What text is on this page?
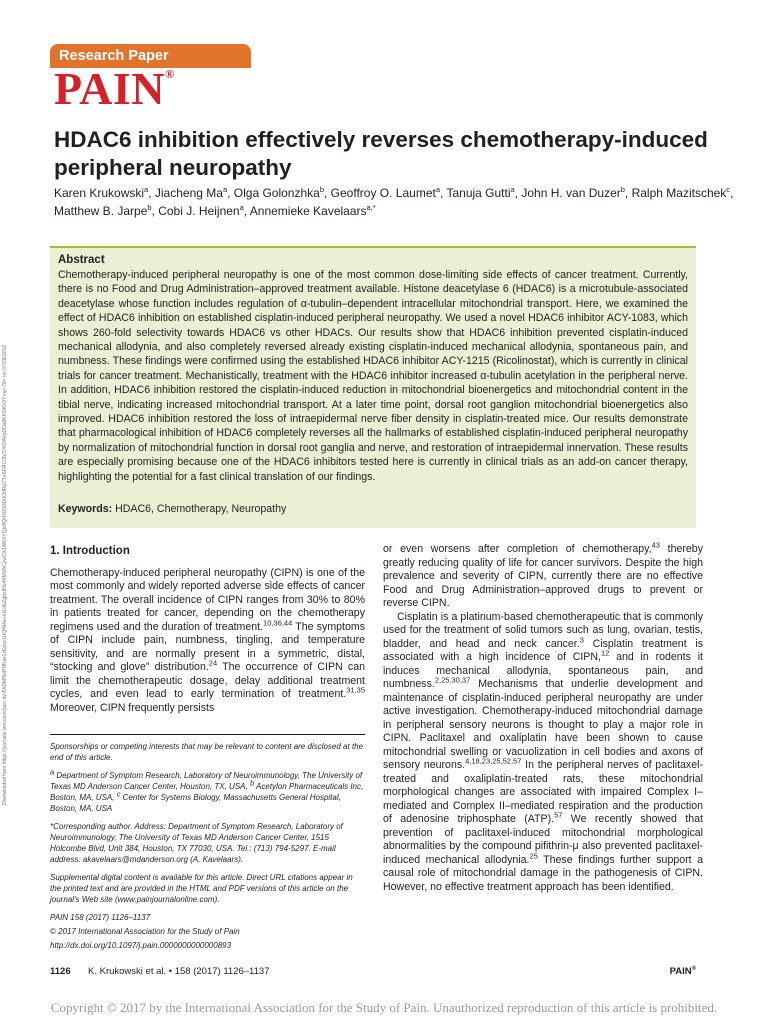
Research Paper
PAIN®
HDAC6 inhibition effectively reverses chemotherapy-induced peripheral neuropathy
Karen Krukowski$^a$, Jiacheng Ma$^a$, Olga Golonzhka$^b$, Geoffroy O. Laumet$^a$, Tanuja Gutti$^a$, John H. van Duzer$^b$, Ralph Mazitschek$^c$, Matthew B. Jarpe$^b$, Cobi J. Heijnen$^a$, Annemieke Kavelaars$^{a,*}$
Downloaded from https://journals.lww.com/pain by BhDMf5ePHKav1zEoum1tQfN4a+kJLhEZgbsIHo4XMi0hCywCX1AWnYQp/IlQrHD3i3D0OdRyi7TvSFl4Cf3VC4/OAVpDDa8KKGKV0Ymy+78= on 07/28/2018
Abstract
Chemotherapy-induced peripheral neuropathy is one of the most common dose-limiting side effects of cancer treatment. Currently, there is no Food and Drug Administration–approved treatment available. Histone deacetylase 6 (HDAC6) is a microtubule-associated deacetylase whose function includes regulation of α-tubulin–dependent intracellular mitochondrial transport. Here, we examined the effect of HDAC6 inhibition on established cisplatin-induced peripheral neuropathy. We used a novel HDAC6 inhibitor ACY-1083, which shows 260-fold selectivity towards HDAC6 vs other HDACs. Our results show that HDAC6 inhibition prevented cisplatin-induced mechanical allodynia, and also completely reversed already existing cisplatin-induced mechanical allodynia, spontaneous pain, and numbness. These findings were confirmed using the established HDAC6 inhibitor ACY-1215 (Ricolinostat), which is currently in clinical trials for cancer treatment. Mechanistically, treatment with the HDAC6 inhibitor increased α-tubulin acetylation in the peripheral nerve. In addition, HDAC6 inhibition restored the cisplatin-induced reduction in mitochondrial bioenergetics and mitochondrial content in the tibial nerve, indicating increased mitochondrial transport. At a later time point, dorsal root ganglion mitochondrial bioenergetics also improved. HDAC6 inhibition restored the loss of intraepidermal nerve fiber density in cisplatin-treated mice. Our results demonstrate that pharmacological inhibition of HDAC6 completely reverses all the hallmarks of established cisplatin-induced peripheral neuropathy by normalization of mitochondrial function in dorsal root ganglia and nerve, and restoration of intraepidermal innervation. These results are especially promising because one of the HDAC6 inhibitors tested here is currently in clinical trials as an add-on cancer therapy, highlighting the potential for a fast clinical translation of our findings.
Keywords: HDAC6, Chemotherapy, Neuropathy
1. Introduction

Chemotherapy-induced peripheral neuropathy (CIPN) is one of the most commonly and widely reported adverse side effects of cancer treatment. The overall incidence of CIPN ranges from 30% to 80% in patients treated for cancer, depending on the chemotherapy regimens used and the duration of treatment.$^{10,36,44}$ The symptoms of CIPN include pain, numbness, tingling, and temperature sensitivity, and are normally present in a symmetric, distal, “stocking and glove” distribution.$^{24}$ The occurrence of CIPN can limit the chemotherapeutic dosage, delay additional treatment cycles, and even lead to early termination of treatment.$^{31,35}$ Moreover, CIPN frequently persists

or even worsens after completion of chemotherapy,$^{43}$ thereby greatly reducing quality of life for cancer survivors. Despite the high prevalence and severity of CIPN, currently there are no effective Food and Drug Administration–approved drugs to prevent or reverse CIPN.

Cisplatin is a platinum-based chemotherapeutic that is commonly used for the treatment of solid tumors such as lung, ovarian, testis, bladder, and head and neck cancer.$^3$ Cisplatin treatment is associated with a high incidence of CIPN,$^{12}$ and in rodents it induces mechanical allodynia, spontaneous pain, and numbness.$^{2,25,30,37}$ Mechanisms that underlie development and maintenance of cisplatin-induced peripheral neuropathy are under active investigation. Chemotherapy-induced mitochondrial damage in peripheral sensory neurons is thought to play a major role in CIPN. Paclitaxel and oxaliplatin have been shown to cause mitochondrial swelling or vacuolization in cell bodies and axons of sensory neurons.$^{4,18,23,25,52,57}$ In the peripheral nerves of paclitaxel-treated and oxaliplatin-treated rats, these mitochondrial morphological changes are associated with impaired Complex I–mediated and Complex II–mediated respiration and the production of adenosine triphosphate (ATP).$^{57}$ We recently showed that prevention of paclitaxel-induced mitochondrial morphological abnormalities by the compound pifithrin-μ also prevented paclitaxel-induced mechanical allodynia.$^{25}$ These findings further support a causal role of mitochondrial damage in the pathogenesis of CIPN. However, no effective treatment approach has been identified.

Sponsorships or competing interests that may be relevant to content are disclosed at the end of this article.

$^a$ Department of Symptom Research, Laboratory of Neuroimmunology, The University of Texas MD Anderson Cancer Center, Houston, TX, USA, $^b$ Acetylon Pharmaceuticals Inc, Boston, MA, USA, $^c$ Center for Systems Biology, Massachusetts General Hospital, Boston, MA, USA

*Corresponding author. Address: Department of Symptom Research, Laboratory of Neuroimmunology, The University of Texas MD Anderson Cancer Center, 1515 Holcombe Blvd, Unit 384, Houston, TX 77030, USA. Tel.: (713) 794-5297. E-mail address: akavelaars@mdanderson.org (A. Kavelaars).

Supplemental digital content is available for this article. Direct URL citations appear in the printed text and are provided in the HTML and PDF versions of this article on the journal's Web site (www.painjournalonline.com).

PAIN 158 (2017) 1126–1137

© 2017 International Association for the Study of Pain

http://dx.doi.org/10.1097/j.pain.0000000000000893

1126 K. Krukowski et al. • 158 (2017) 1126–1137	PAIN®
Copyright © 2017 by the International Association for the Study of Pain. Unauthorized reproduction of this article is prohibited.
